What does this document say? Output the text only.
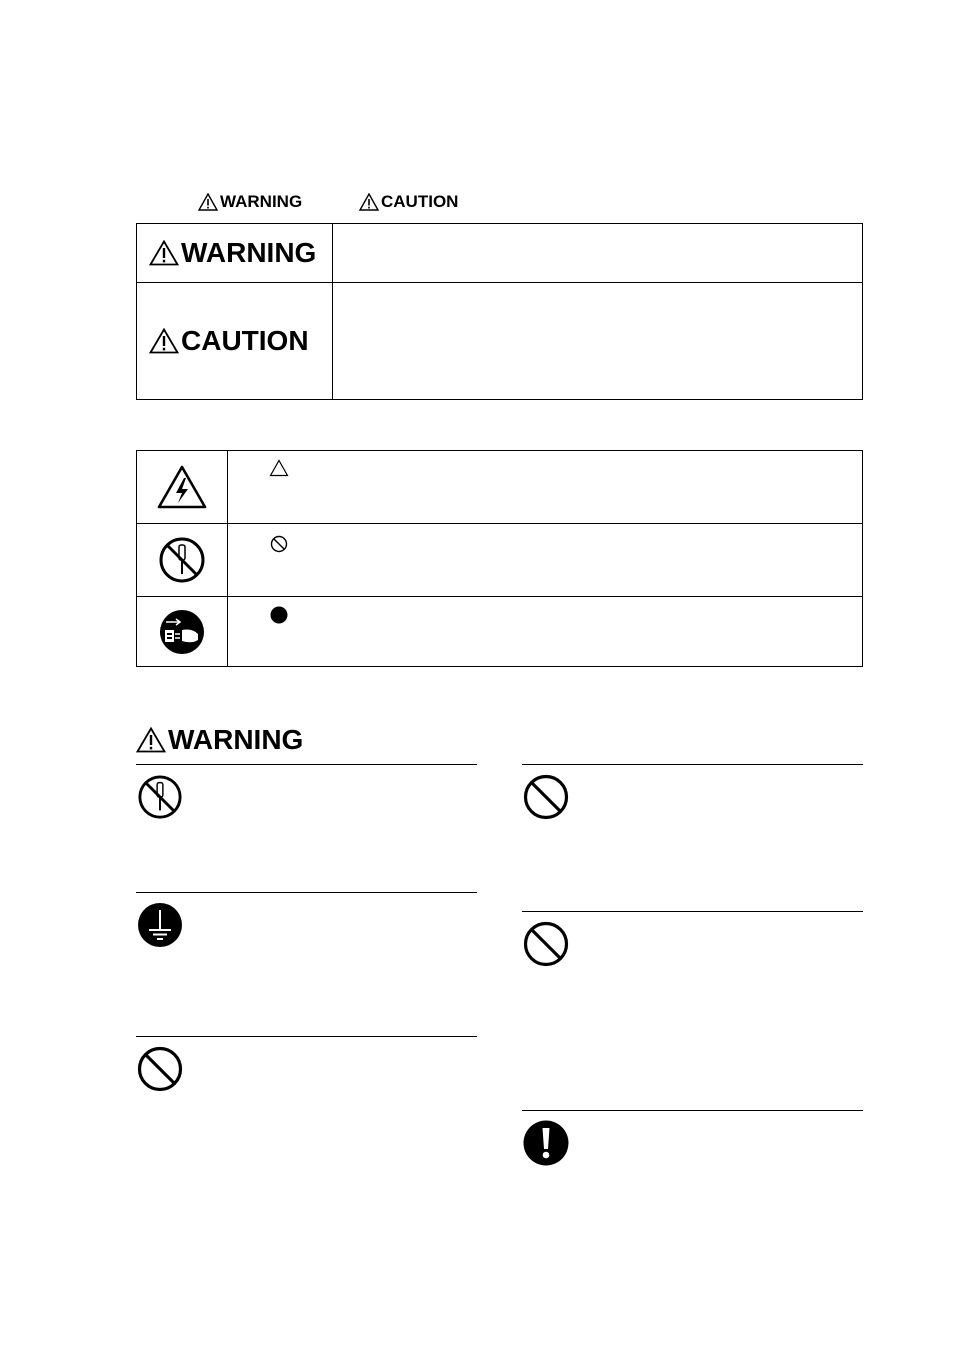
WARNING	CAUTION
WARNING
CAUTION
WARNING
